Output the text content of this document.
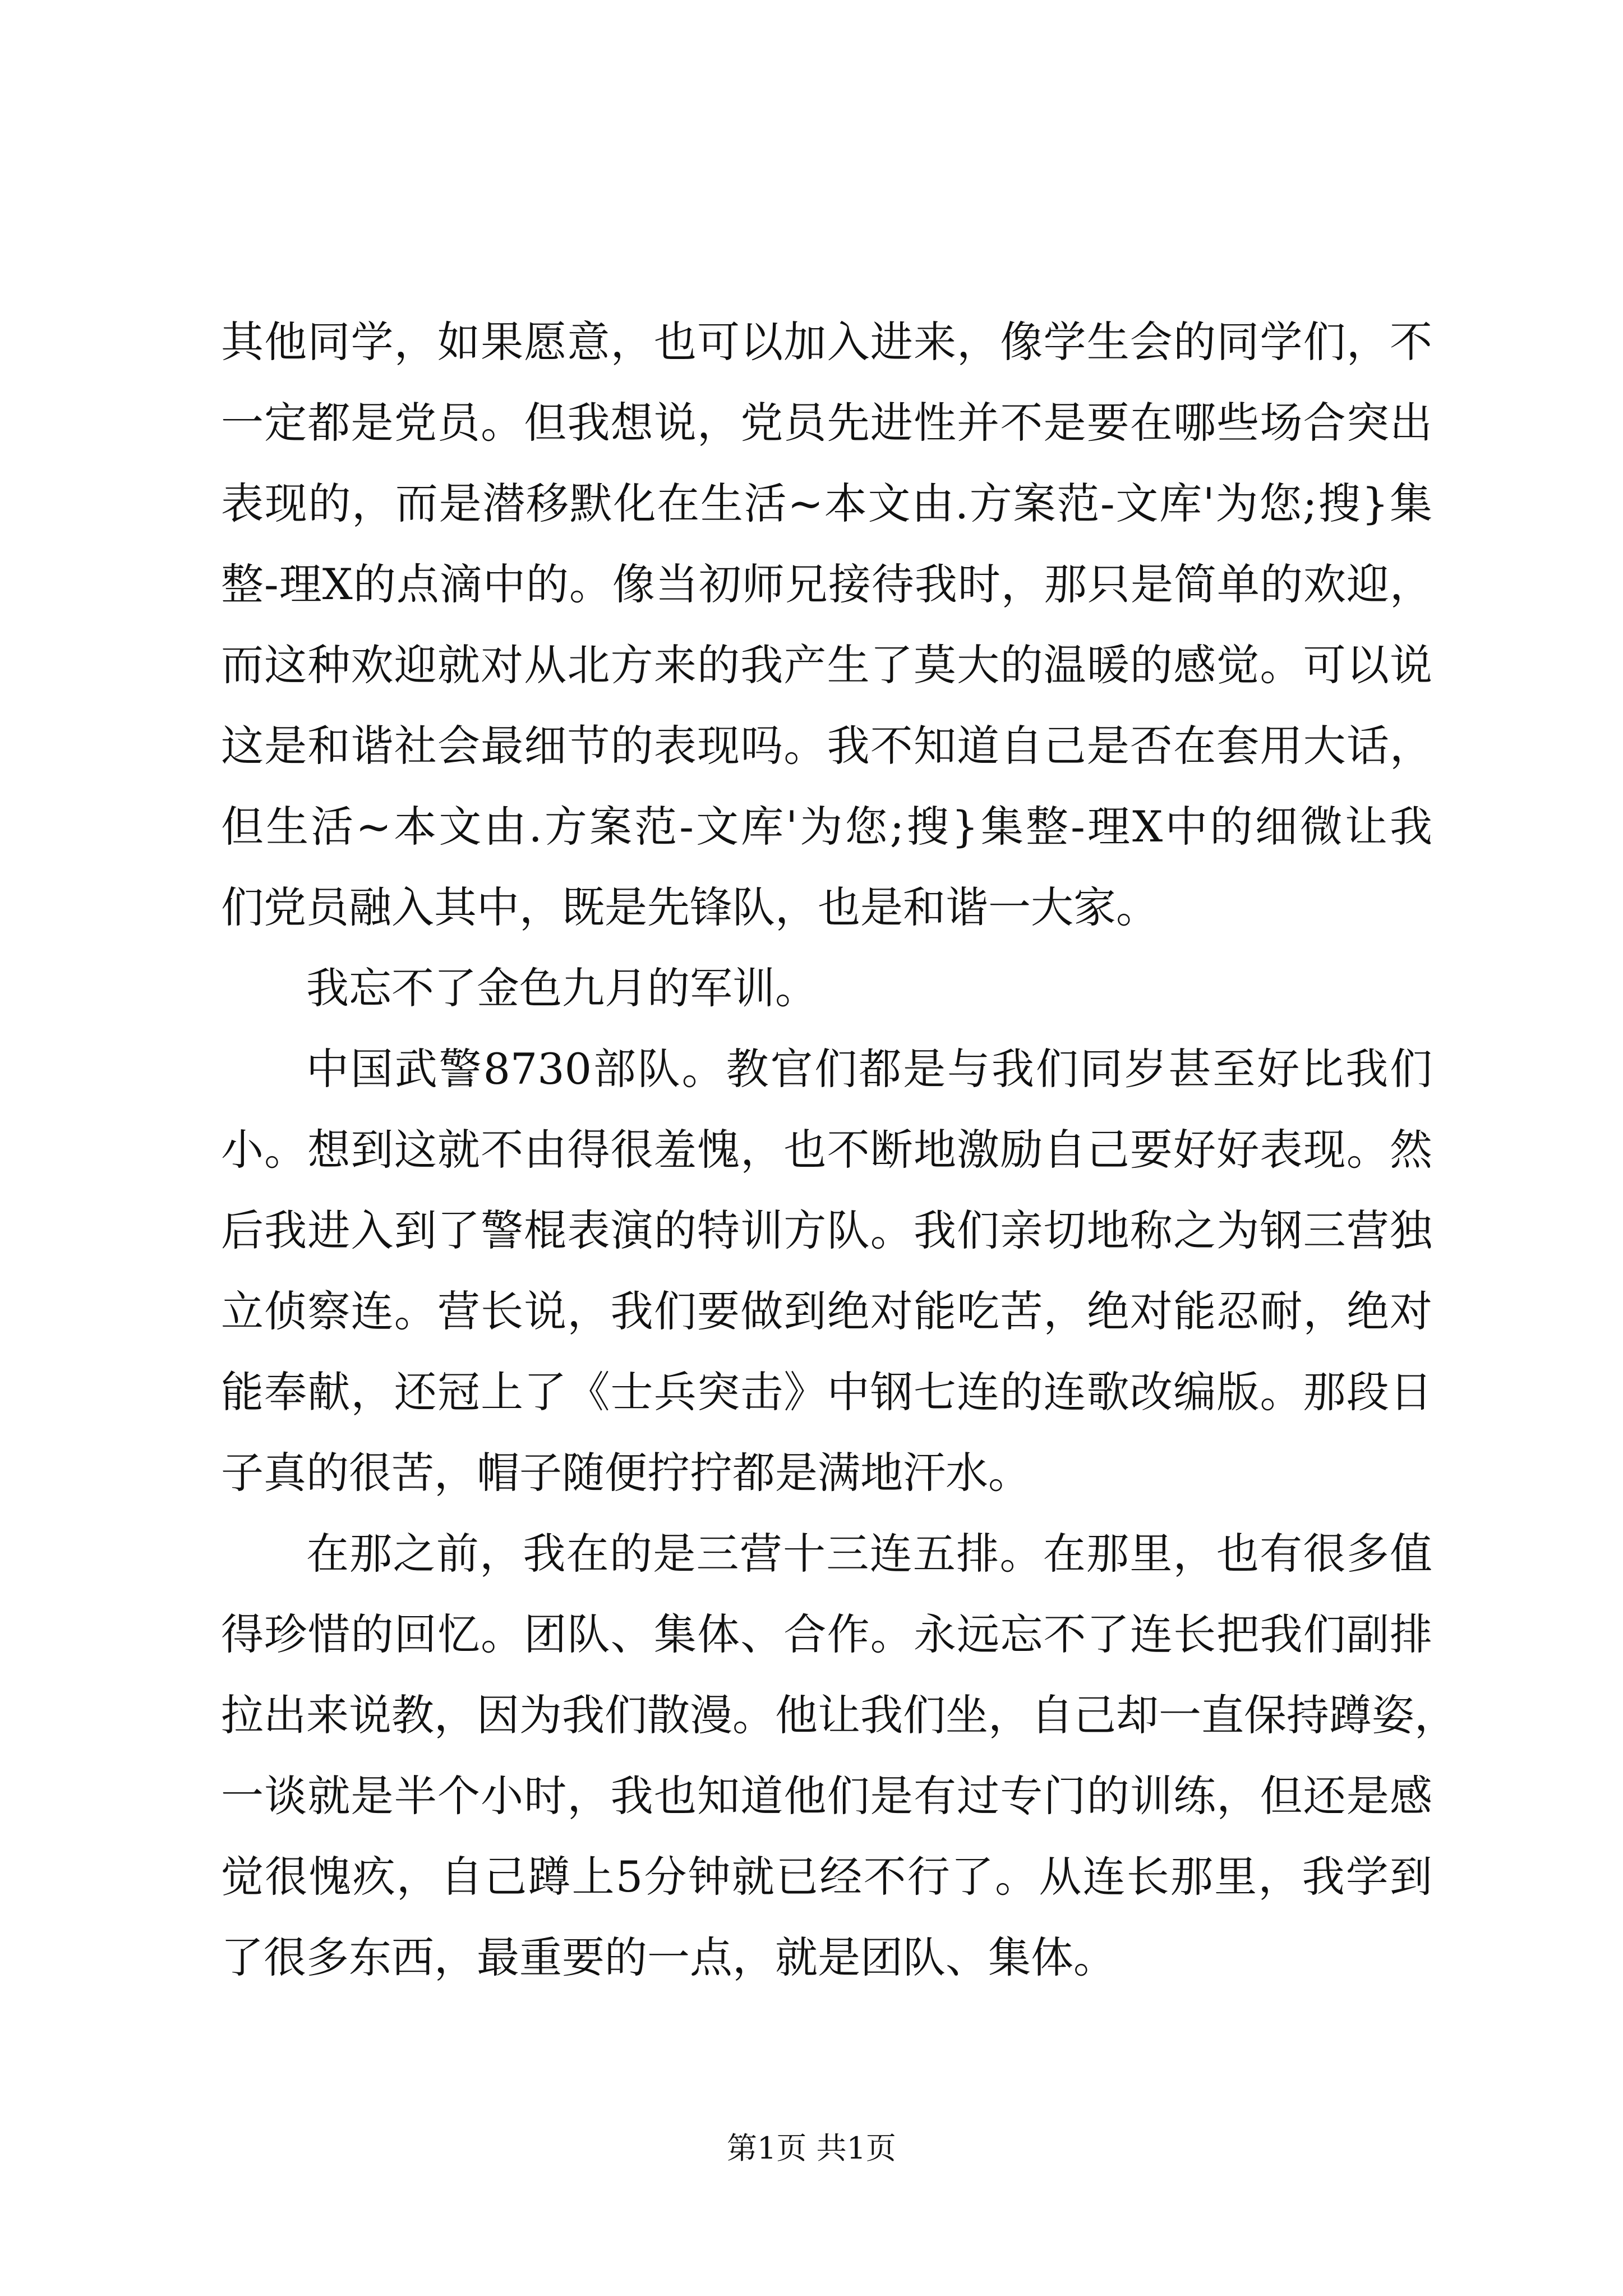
其他同学，如果愿意，也可以加入进来，像学生会的同学们，不
一定都是党员。但我想说，党员先进性并不是要在哪些场合突出
表现的，而是潜移默化在生活~本文由.方案范-文库'为您;搜}集
整-理X的点滴中的。像当初师兄接待我时，那只是简单的欢迎，
而这种欢迎就对从北方来的我产生了莫大的温暖的感觉。可以说
这是和谐社会最细节的表现吗。我不知道自己是否在套用大话，
但生活~本文由.方案范-文库'为您;搜}集整-理X中的细微让我
们党员融入其中，既是先锋队，也是和谐一大家。
我忘不了金色九月的军训。
中国武警8730部队。教官们都是与我们同岁甚至好比我们
小。想到这就不由得很羞愧，也不断地激励自己要好好表现。然
后我进入到了警棍表演的特训方队。我们亲切地称之为钢三营独
立侦察连。营长说，我们要做到绝对能吃苦，绝对能忍耐，绝对
能奉献，还冠上了《士兵突击》中钢七连的连歌改编版。那段日
子真的很苦，帽子随便拧拧都是满地汗水。
在那之前，我在的是三营十三连五排。在那里，也有很多值
得珍惜的回忆。团队、集体、合作。永远忘不了连长把我们副排
拉出来说教，因为我们散漫。他让我们坐，自己却一直保持蹲姿，
一谈就是半个小时，我也知道他们是有过专门的训练，但还是感
觉很愧疚，自己蹲上5分钟就已经不行了。从连长那里，我学到
了很多东西，最重要的一点，就是团队、集体。
第1页 共1页
